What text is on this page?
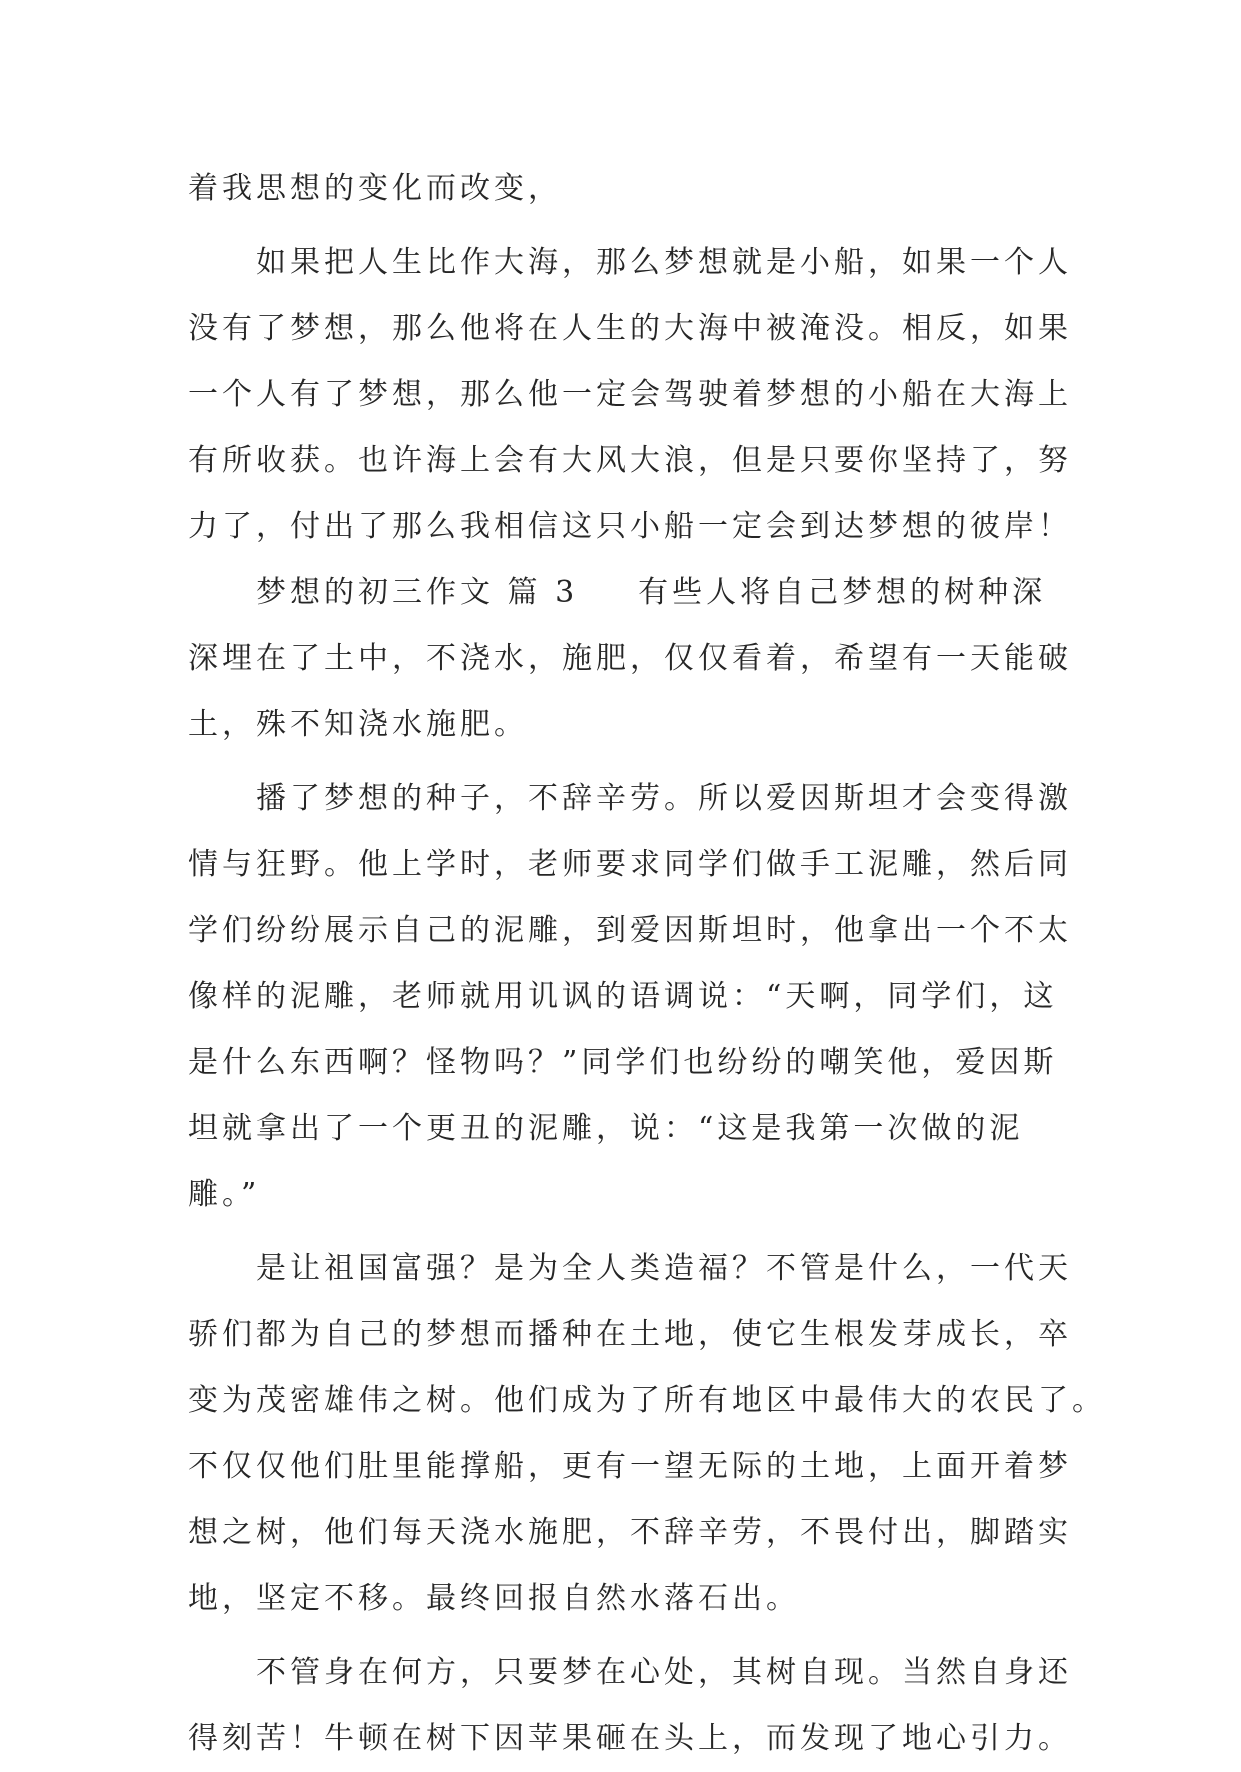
着我思想的变化而改变，
如果把人生比作大海，那么梦想就是小船，如果一个人
没有了梦想，那么他将在人生的大海中被淹没。相反，如果
一个人有了梦想，那么他一定会驾驶着梦想的小船在大海上
有所收获。也许海上会有大风大浪，但是只要你坚持了，努
力了，付出了那么我相信这只小船一定会到达梦想的彼岸！
梦想的初三作文 篇 3 有些人将自己梦想的树种深
深埋在了土中，不浇水，施肥，仅仅看着，希望有一天能破
土，殊不知浇水施肥。
播了梦想的种子，不辞辛劳。所以爱因斯坦才会变得激
情与狂野。他上学时，老师要求同学们做手工泥雕，然后同
学们纷纷展示自己的泥雕，到爱因斯坦时，他拿出一个不太
像样的泥雕，老师就用讥讽的语调说：“天啊，同学们，这
是什么东西啊？怪物吗？”同学们也纷纷的嘲笑他，爱因斯
坦就拿出了一个更丑的泥雕，说：“这是我第一次做的泥
雕。”
是让祖国富强？是为全人类造福？不管是什么，一代天
骄们都为自己的梦想而播种在土地，使它生根发芽成长，卒
变为茂密雄伟之树。他们成为了所有地区中最伟大的农民了。
不仅仅他们肚里能撑船，更有一望无际的土地，上面开着梦
想之树，他们每天浇水施肥，不辞辛劳，不畏付出，脚踏实
地，坚定不移。最终回报自然水落石出。
不管身在何方，只要梦在心处，其树自现。当然自身还
得刻苦！牛顿在树下因苹果砸在头上，而发现了地心引力。
